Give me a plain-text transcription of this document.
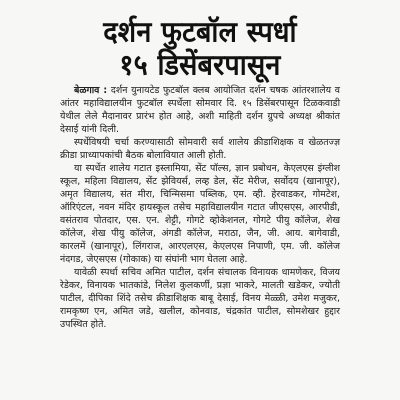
दर्शन फुटबॉल स्पर्धा
१५ डिसेंबरपासून

बेळगाव : दर्शन युनायटेड फुटबॉल क्लब आयोजित दर्शन चषक आंतरशालेय व आंतर महाविद्यालयीन फुटबॉल स्पर्धेला सोमवार दि. १५ डिसेंबरपासून टिळकवाडी येथील लेले मैदानावर प्रारंभ होत आहे, अशी माहिती दर्शन ग्रुपचे अध्यक्ष श्रीकांत देसाई यांनी दिली.

स्पर्धेविषयी चर्चा करण्यासाठी सोमवारी सर्व शालेय क्रीडाशिक्षक व खेळतज्ज्ञ क्रीडा प्राध्यापकांची बैठक बोलावियात आली होती.

या स्पर्धेत शालेय गटात इस्लामिया, सेंट पॉल्स, ज्ञान प्रबोधन, केएलएस इंग्लीश स्कूल, महिला विद्यालय, सेंट झेवियर्स, लव्ह डेल, सेंट मेरीज, सर्वोदय (खानापूर), अमृत विद्यालय, संत मीरा, चिन्मिसमा पब्लिक, एम. व्ही. हेरवाडकर, गोमटेश, ऑरिएंटल, नवन मंदिर हायस्कूल तसेच महाविद्यालयीन गटात जीएसएस, आरपीडी, वसंतराव पोतदार, एस. एन. शेट्टी, गोगटे व्होकेशनल, गोगटे पीयु कॉलेज, शेख कॉलेज, शेख पीयु कॉलेज, अंगडी कॉलेज, मराठा, जैन, जी. आय. बागेवाडी, कारलमें (खानापूर), लिंगराज, आरएलएस, केएलएस निपाणी, एम. जी. कॉलेज नंदगड, जेएसएस (गोकाक) या संघांनी भाग घेतला आहे.

यावेळी स्पर्धा सचिव अमित पाटील, दर्शन संचालक विनायक धामणेकर, विजय रेडेकर, विनायक भातकांडे, निलेश कुलकर्णी, प्रज्ञा भाकरे, मालती खडेकर, ज्योती पाटील, दीपिका शिंदे तसेच क्रीडाशिक्षक बाबू देसाई, विनय मेळ्ळी, उमेश मजुकर, रामकृष्ण एन, अमित जडे, खलील, कोनवाड, चंद्रकांत पाटील, सोमशेखर हुद्दार उपस्थित होते.
